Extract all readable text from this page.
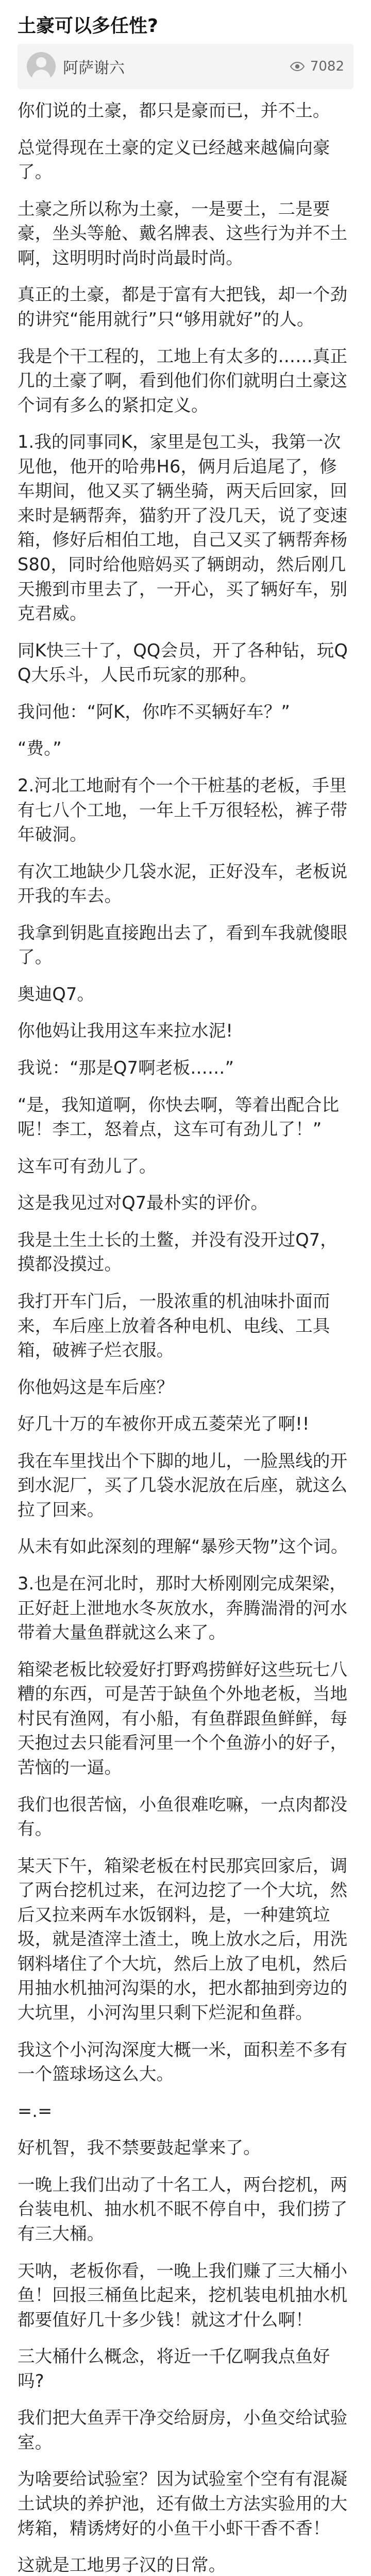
土豪可以多任性?
阿萨谢六	7082

你们说的土豪，都只是豪而已，并不土。

总觉得现在土豪的定义已经越来越偏向豪了。

土豪之所以称为土豪，一是要土，二是要豪，坐头等舱、戴名牌表、这些行为并不土啊，这明明时尚时尚最时尚。

真正的土豪，都是于富有大把钱，却一个劲的讲究“能用就行”只“够用就好”的人。

我是个干工程的，工地上有太多的……真正几的土豪了啊，看到他们你们就明白土豪这个词有多么的紧扣定义。

1.我的同事同K，家里是包工头，我第一次见他，他开的哈弗H6，俩月后追尾了，修车期间，他又买了辆坐骑，两天后回家，回来时是辆帮奔，猫豹开了没几天，说了变速箱，修好后相伯工地，自己又买了辆帮奔杨S80，同时给他赔妈买了辆朗动，然后刚几天搬到市里去了，一开心，买了辆好车，别克君威。

同K快三十了，QQ会员，开了各种钻，玩QQ大乐斗，人民币玩家的那种。

我问他：“阿K，你咋不买辆好车？”

“费。”

2.河北工地耐有个一个干桩基的老板，手里有七八个工地，一年上千万很轻松，裤子带年破洞。

有次工地缺少几袋水泥，正好没车，老板说开我的车去。

我拿到钥匙直接跑出去了，看到车我就傻眼了。

奥迪Q7。

你他妈让我用这车来拉水泥!

我说：“那是Q7啊老板……”

“是，我知道啊，你快去啊，等着出配合比呢！李工，怒着点，这车可有劲儿了！”

这车可有劲儿了。

这是我见过对Q7最朴实的评价。

我是土生土长的土鳖，并没有没开过Q7，摸都没摸过。

我打开车门后，一股浓重的机油味扑面而来，车后座上放着各种电机、电线、工具箱，破裤子烂衣服。

你他妈这是车后座？

好几十万的车被你开成五菱荣光了啊!!

我在车里找出个下脚的地儿，一脸黑线的开到水泥厂，买了几袋水泥放在后座，就这么拉了回来。

从未有如此深刻的理解“暴殄天物”这个词。

3.也是在河北时，那时大桥刚刚完成架梁，正好赶上泄地水冬灰放水，奔腾湍滑的河水带着大量鱼群就这么来了。

箱梁老板比较爱好打野鸡捞鲜好这些玩七八糟的东西，可是苦于缺鱼个外地老板，当地村民有渔网，有小船，有鱼群跟鱼鲜鲜，每天抱过去只能看河里一个个鱼游小的好子，苦恼的一逼。

我们也很苦恼，小鱼很难吃嘛，一点肉都没有。

某天下午，箱梁老板在村民那宾回家后，调了两台挖机过来，在河边挖了一个大坑，然后又拉来两车水饭钢料，是，一种建筑垃圾，就是渣滓土渣土，晚上放水之后，用洗钢料堵住了个大坑，然后上放了电机，然后用抽水机抽河沟渠的水，把水都抽到旁边的大坑里，小河沟里只剩下烂泥和鱼群。

我这个小河沟深度大概一米，面积差不多有一个篮球场这么大。

=.=

好机智，我不禁要鼓起掌来了。

一晚上我们出动了十名工人，两台挖机，两台装电机、抽水机不眠不停自中，我们捞了有三大桶。

天呐，老板你看，一晚上我们赚了三大桶小鱼！回报三桶鱼比起来，挖机装电机抽水机都要值好几十多少钱！就这才什么啊！

三大桶什么概念，将近一千亿啊我点鱼好吗?

我们把大鱼弄干净交给厨房，小鱼交给试验室。

为啥要给试验室？因为试验室个空有有混凝土试块的养护池，还有做土方法实验用的大烤箱，精诱烤好的小鱼干小虾干香不香！

这就是工地男子汉的日常。
